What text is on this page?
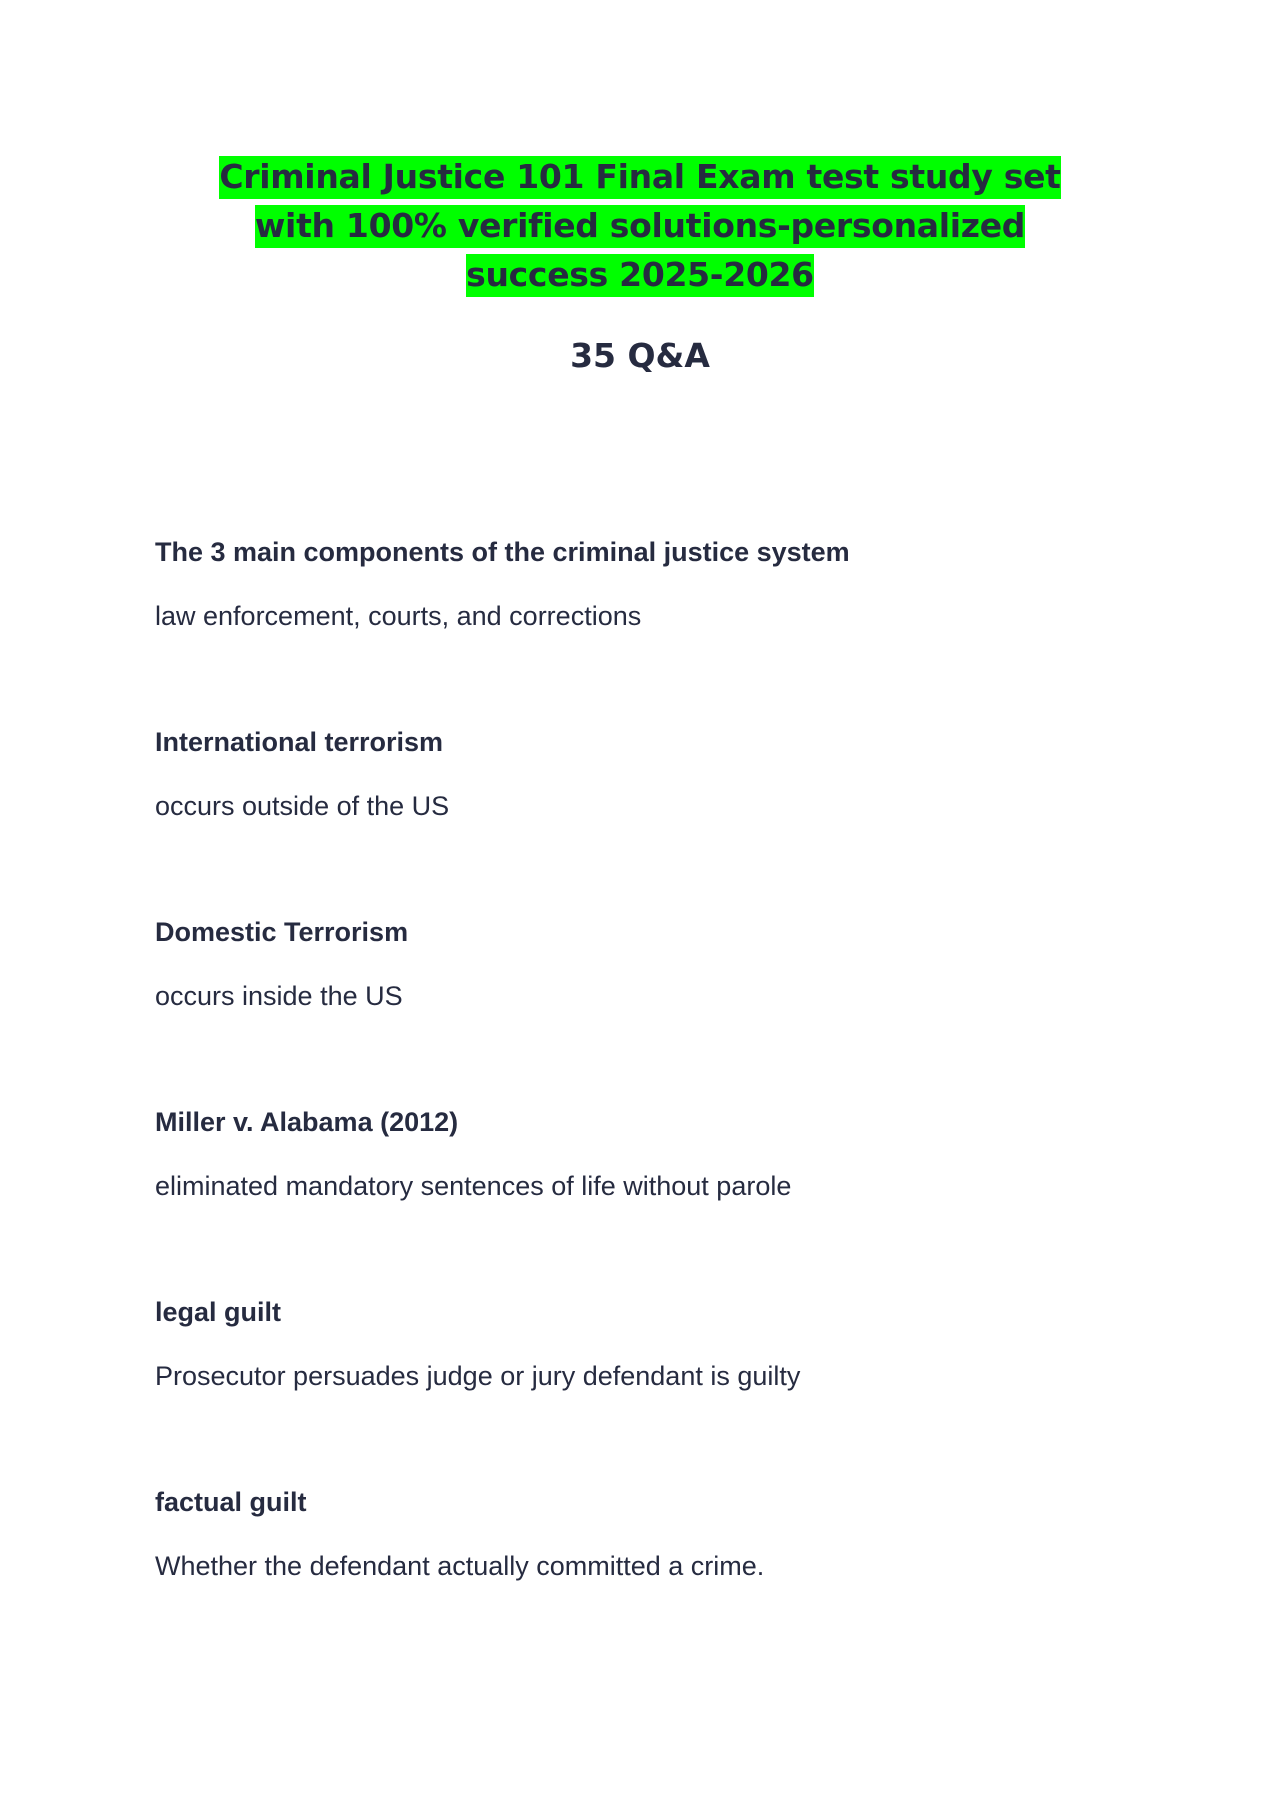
Criminal Justice 101 Final Exam test study set with 100% verified solutions-personalized success 2025-2026
35 Q&A

The 3 main components of the criminal justice system

law enforcement, courts, and corrections

International terrorism

occurs outside of the US

Domestic Terrorism

occurs inside the US

Miller v. Alabama (2012)

eliminated mandatory sentences of life without parole

legal guilt

Prosecutor persuades judge or jury defendant is guilty

factual guilt

Whether the defendant actually committed a crime.
